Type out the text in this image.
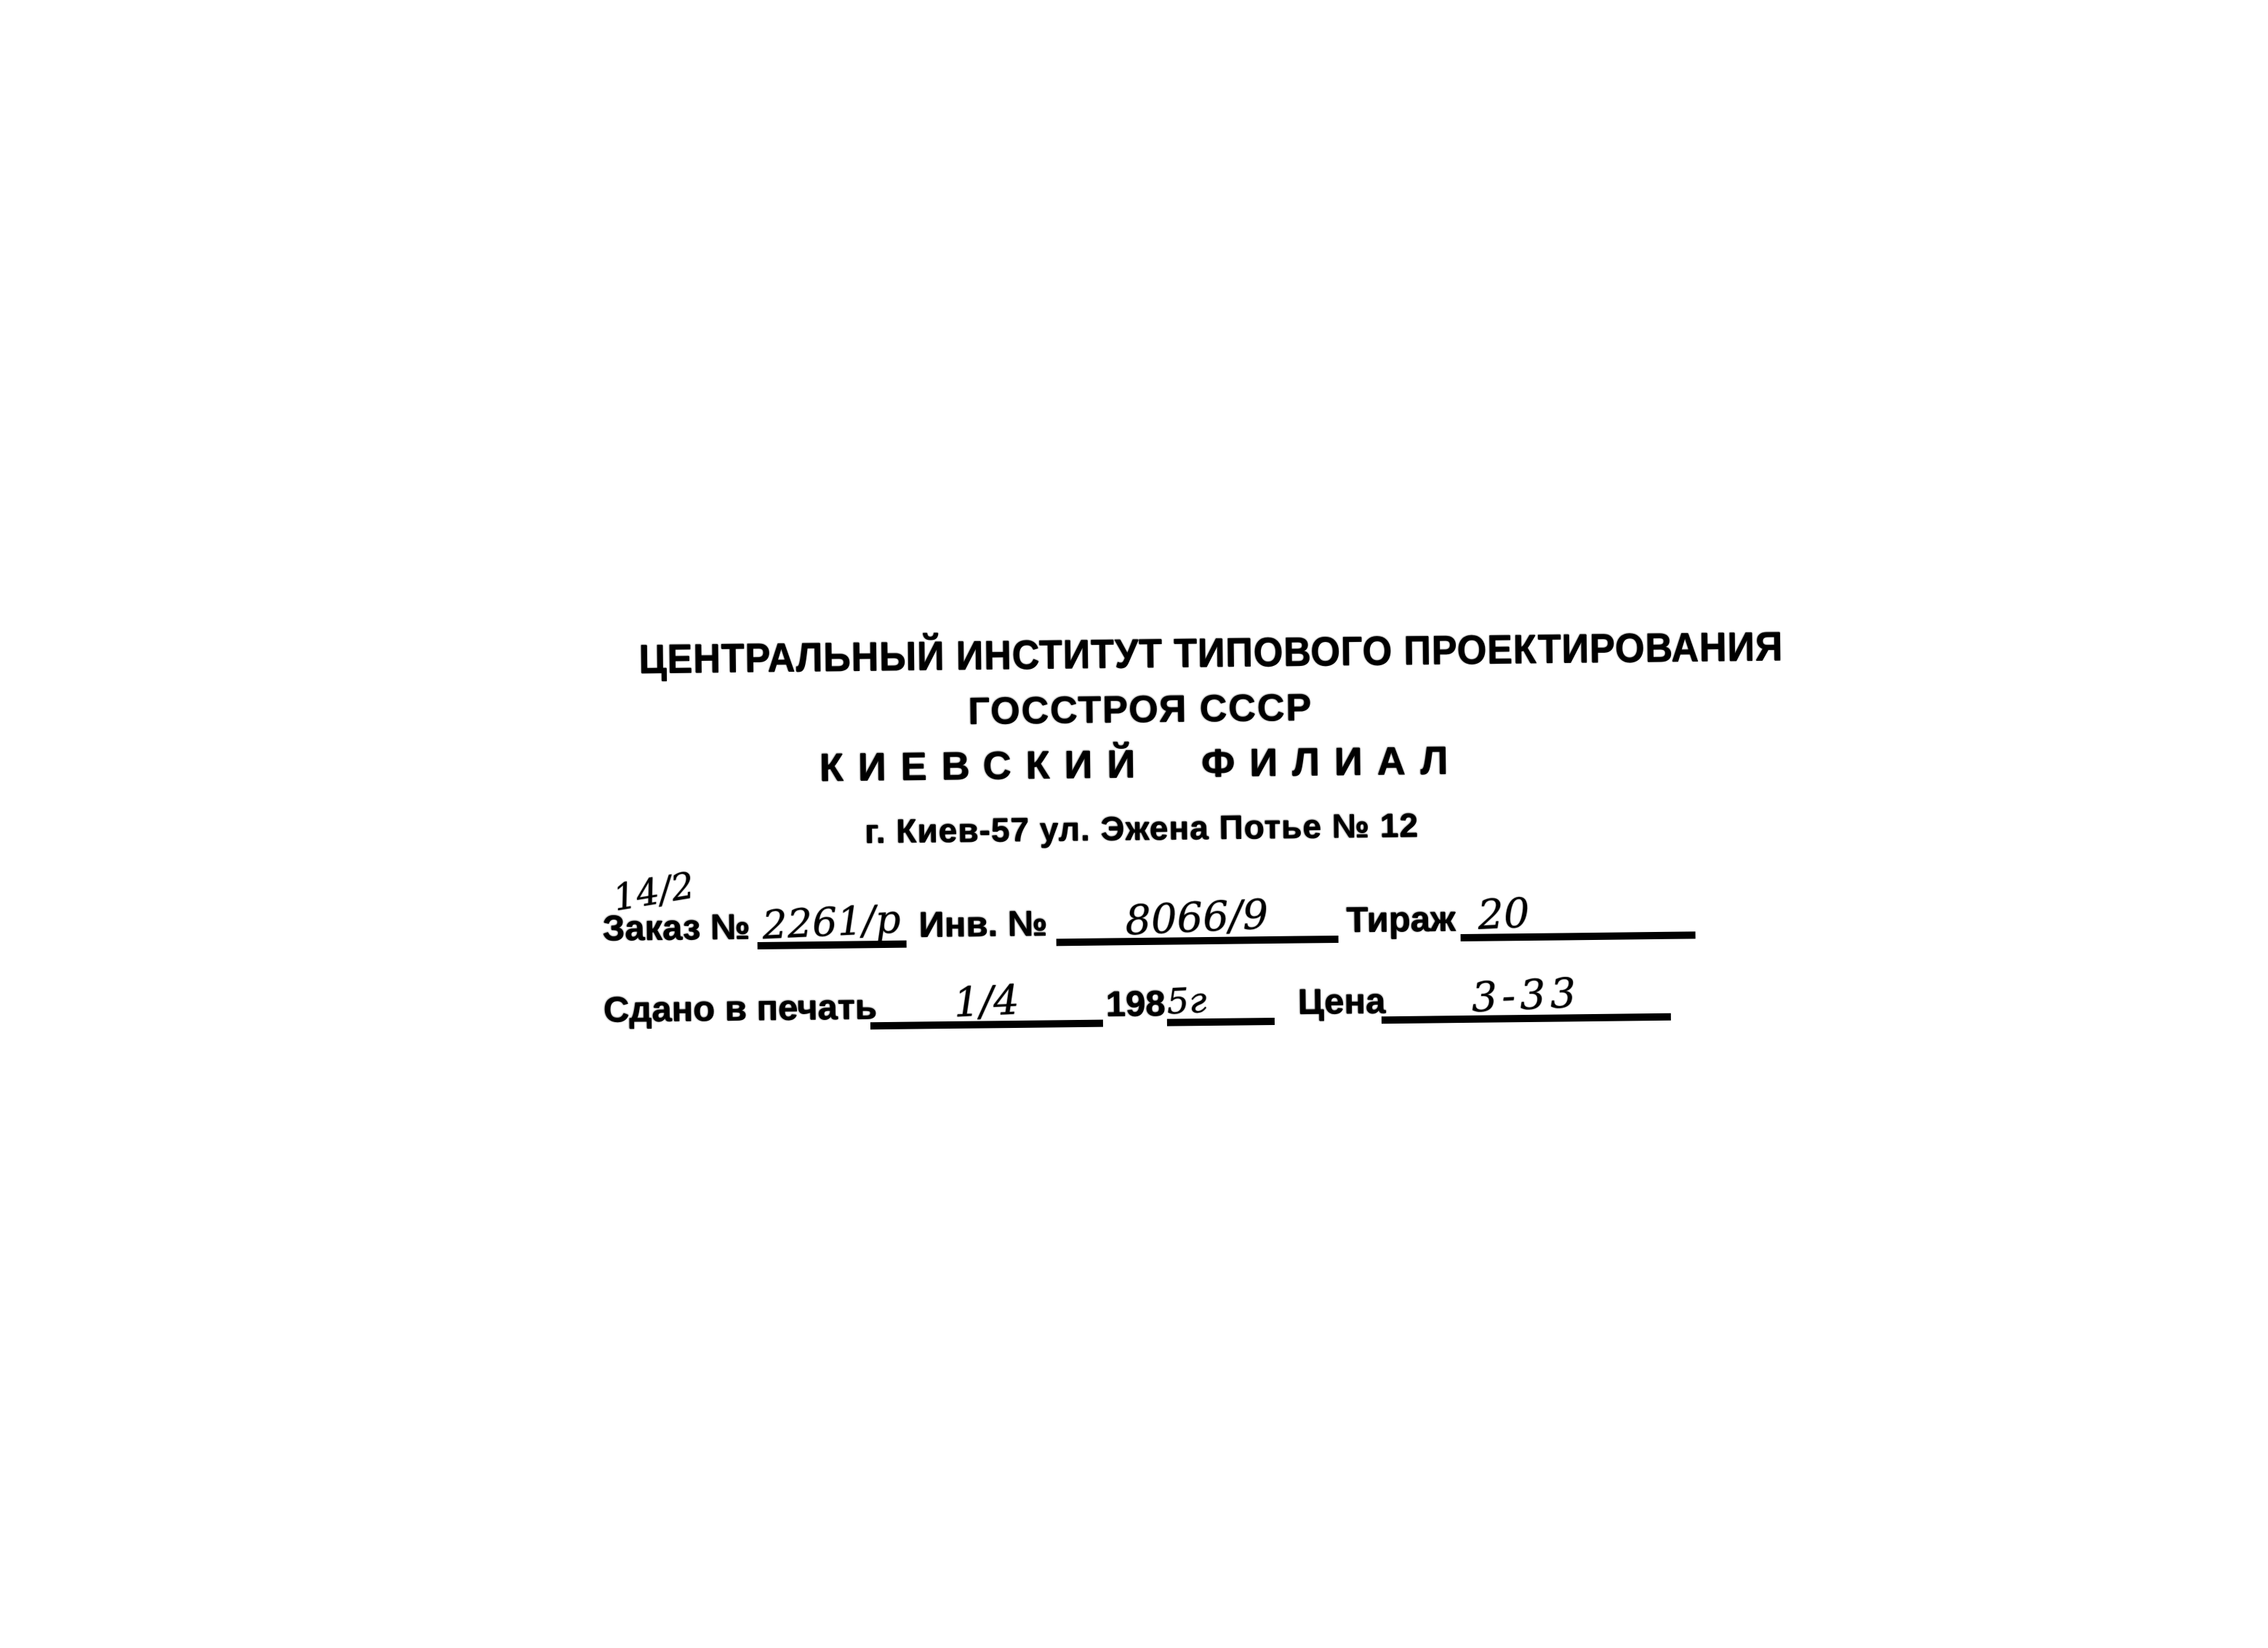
ЦЕНТРАЛЬНЫЙ ИНСТИТУТ ТИПОВОГО ПРОЕКТИРОВАНИЯ
ГОССТРОЯ СССР
КИЕВСКИЙ ФИЛИАЛ
г. Киев-57 ул. Эжена Потье № 12
14/2
Заказ № 2261/р Инв. №	8066/9	Тираж 20
Сдано в печать	1/4	198 5г	Цена	3-33
